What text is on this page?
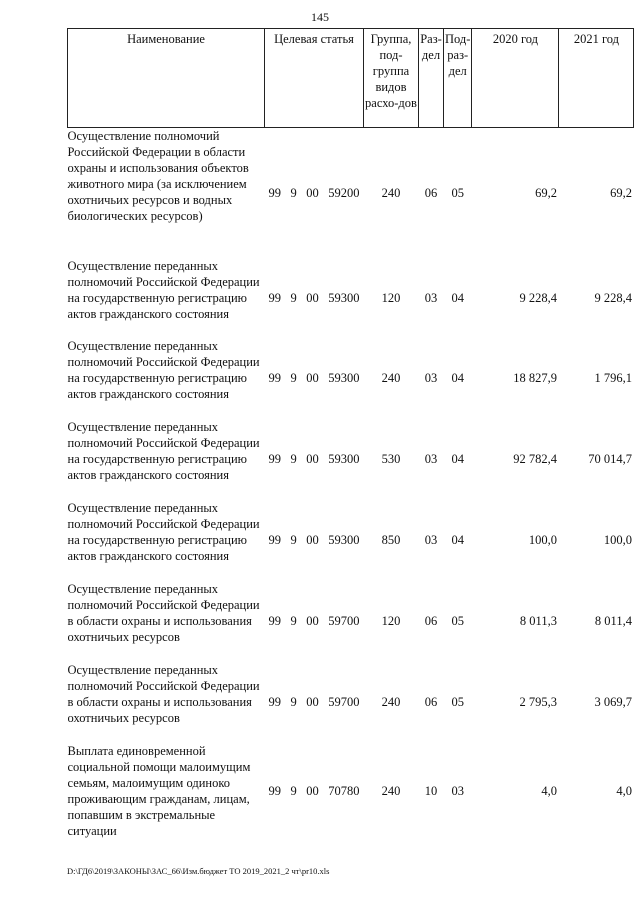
145
Наименование	Целевая статья	Группа, под-группа видов расхо-дов	Раз-дел	Под-раз-дел	2020 год	2021 год
Осуществление полномочий Российской Федерации в области охраны и использования объектов животного мира (за исключением охотничьих ресурсов и водных биологических ресурсов)	99 9 00 59200	240	06	05	69,2	69,2
Осуществление переданных полномочий Российской Федерации на государственную регистрацию актов гражданского состояния	99 9 00 59300	120	03	04	9 228,4	9 228,4
Осуществление переданных полномочий Российской Федерации на государственную регистрацию актов гражданского состояния	99 9 00 59300	240	03	04	18 827,9	1 796,1
Осуществление переданных полномочий Российской Федерации на государственную регистрацию актов гражданского состояния	99 9 00 59300	530	03	04	92 782,4	70 014,7
Осуществление переданных полномочий Российской Федерации на государственную регистрацию актов гражданского состояния	99 9 00 59300	850	03	04	100,0	100,0
Осуществление переданных полномочий Российской Федерации в области охраны и использования охотничьих ресурсов	99 9 00 59700	120	06	05	8 011,3	8 011,4
Осуществление переданных полномочий Российской Федерации в области охраны и использования охотничьих ресурсов	99 9 00 59700	240	06	05	2 795,3	3 069,7
Выплата единовременной социальной помощи малоимущим семьям, малоимущим одиноко проживающим гражданам, лицам, попавшим в экстремальные ситуации	99 9 00 70780	240	10	03	4,0	4,0
D:\ГД6\2019\ЗАКОНЫ\ЗАС_66\Изм.бюджет ТО 2019_2021_2 чт\pr10.xls
